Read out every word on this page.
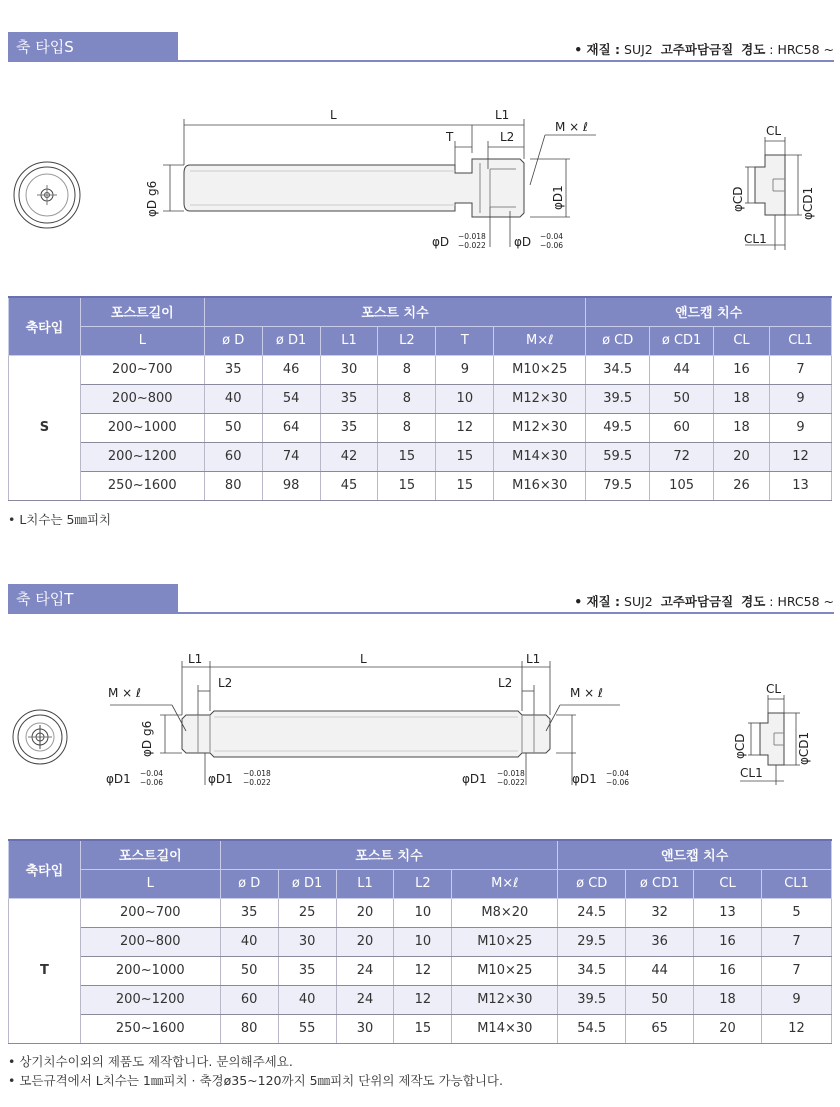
축 타입S	• 재질 : SUJ2 고주파담금질 경도 : HRC58 ~
L	L1
L2
T
M × ℓ
φD g6	φD1
φD −0.018
−0.022 φD −0.04
−0.06
CL
φCD	φCD1
CL1
축타입	포스트길이	포스트 치수						앤드캡 치수			
	L	ø D	ø D1	L1	L2	T	M×ℓ	ø CD	ø CD1	CL	CL1
S	200~700	35	46	30	8	9	M10×25	34.5	44	16	7
	200~800	40	54	35	8	10	M12×30	39.5	50	18	9
	200~1000	50	64	35	8	12	M12×30	49.5	60	18	9
	200~1200	60	74	42	15	15	M14×30	59.5	72	20	12
	250~1600	80	98	45	15	15	M16×30	79.5	105	26	13
• L치수는 5㎜피치
축 타입T	• 재질 : SUJ2 고주파담금질 경도 : HRC58 ~
L1	L	L1
L2	L2
M × ℓ	M × ℓ
φD g6
φD1 −0.04
−0.06	φD1 −0.018
−0.022	φD1 −0.018
−0.022	φD1 −0.04
−0.06
CL
φCD	φCD1
CL1
축타입	포스트길이	포스트 치수					앤드캡 치수			
	L	ø D	ø D1	L1	L2	M×ℓ	ø CD	ø CD1	CL	CL1
T	200~700	35	25	20	10	M8×20	24.5	32	13	5
	200~800	40	30	20	10	M10×25	29.5	36	16	7
	200~1000	50	35	24	12	M10×25	34.5	44	16	7
	200~1200	60	40	24	12	M12×30	39.5	50	18	9
	250~1600	80	55	30	15	M14×30	54.5	65	20	12
• 상기치수이외의 제품도 제작합니다. 문의해주세요.
• 모든규격에서 L치수는 1㎜피치 · 축경ø35~120까지 5㎜피치 단위의 제작도 가능합니다.
